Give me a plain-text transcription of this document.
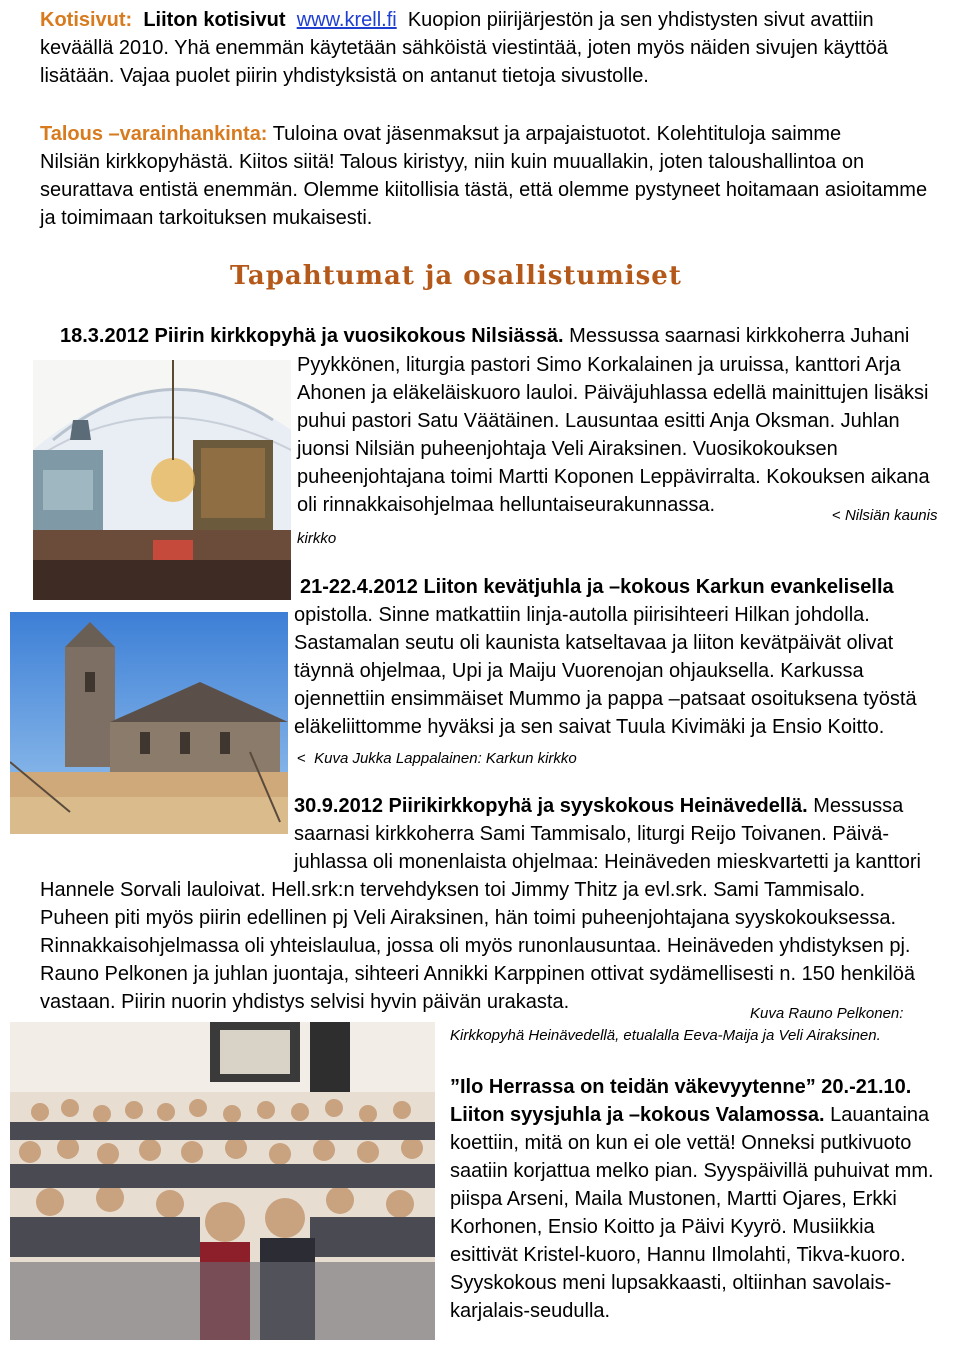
Kotisivut: Liiton kotisivut www.krell.fi Kuopion piirijärjestön ja sen yhdistysten sivut avattiin

keväällä 2010. Yhä enemmän käytetään sähköistä viestintää, joten myös näiden sivujen käyttöä

lisätään. Vajaa puolet piirin yhdistyksistä on antanut tietoja sivustolle.

Talous –varainhankinta: Tuloina ovat jäsenmaksut ja arpajaistuotot. Kolehtituloja saimme

Nilsiän kirkkopyhästä. Kiitos siitä! Talous kiristyy, niin kuin muuallakin, joten taloushallintoa on

seurattava entistä enemmän. Olemme kiitollisia tästä, että olemme pystyneet hoitamaan asioitamme

ja toimimaan tarkoituksen mukaisesti.

Tapahtumat ja osallistumiset
18.3.2012 Piirin kirkkopyhä ja vuosikokous Nilsiässä. Messussa saarnasi kirkkoherra Juhani

Pyykkönen, liturgia pastori Simo Korkalainen ja uruissa, kanttori Arja

Ahonen ja eläkeläiskuoro lauloi. Päiväjuhlassa edellä mainittujen lisäksi

puhui pastori Satu Väätäinen. Lausuntaa esitti Anja Oksman. Juhlan

juonsi Nilsiän puheenjohtaja Veli Airaksinen. Vuosikokouksen

puheenjohtajana toimi Martti Koponen Leppävirralta. Kokouksen aikana

oli rinnakkaisohjelmaa helluntaiseurakunnassa.	< Nilsiän kaunis
kirkko

21-22.4.2012 Liiton kevätjuhla ja –kokous Karkun evankelisella

opistolla. Sinne matkattiin linja-autolla piirisihteeri Hilkan johdolla.

Sastamalan seutu oli kaunista katseltavaa ja liiton kevätpäivät olivat

täynnä ohjelmaa, Upi ja Maiju Vuorenojan ohjauksella. Karkussa

ojennettiin ensimmäiset Mummo ja pappa –patsaat osoituksena työstä

eläkeliittomme hyväksi ja sen saivat Tuula Kivimäki ja Ensio Koitto.

< Kuva Jukka Lappalainen: Karkun kirkko
30.9.2012 Piirikirkkopyhä ja syyskokous Heinävedellä. Messussa

saarnasi kirkkoherra Sami Tammisalo, liturgi Reijo Toivanen. Päivä-

juhlassa oli monenlaista ohjelmaa: Heinäveden mieskvartetti ja kanttori

Hannele Sorvali lauloivat. Hell.srk:n tervehdyksen toi Jimmy Thitz ja evl.srk. Sami Tammisalo.

Puheen piti myös piirin edellinen pj Veli Airaksinen, hän toimi puheenjohtajana syyskokouksessa.

Rinnakkaisohjelmassa oli yhteislaulua, jossa oli myös runonlausuntaa. Heinäveden yhdistyksen pj.

Rauno Pelkonen ja juhlan juontaja, sihteeri Annikki Karppinen ottivat sydämellisesti n. 150 henkilöä

vastaan. Piirin nuorin yhdistys selvisi hyvin päivän urakasta.

Kuva Rauno Pelkonen:
Kirkkopyhä Heinävedellä, etualalla Eeva-Maija ja Veli Airaksinen.

”Ilo Herrassa on teidän väkevyytenne” 20.-21.10.

Liiton syysjuhla ja –kokous Valamossa. Lauantaina

koettiin, mitä on kun ei ole vettä! Onneksi putkivuoto

saatiin korjattua melko pian. Syyspäivillä puhuivat mm.

piispa Arseni, Maila Mustonen, Martti Ojares, Erkki

Korhonen, Ensio Koitto ja Päivi Kyyrö. Musiikkia

esittivät Kristel-kuoro, Hannu Ilmolahti, Tikva-kuoro.

Syyskokous meni lupsakkaasti, oltiinhan savolais-

karjalais-seudulla.
